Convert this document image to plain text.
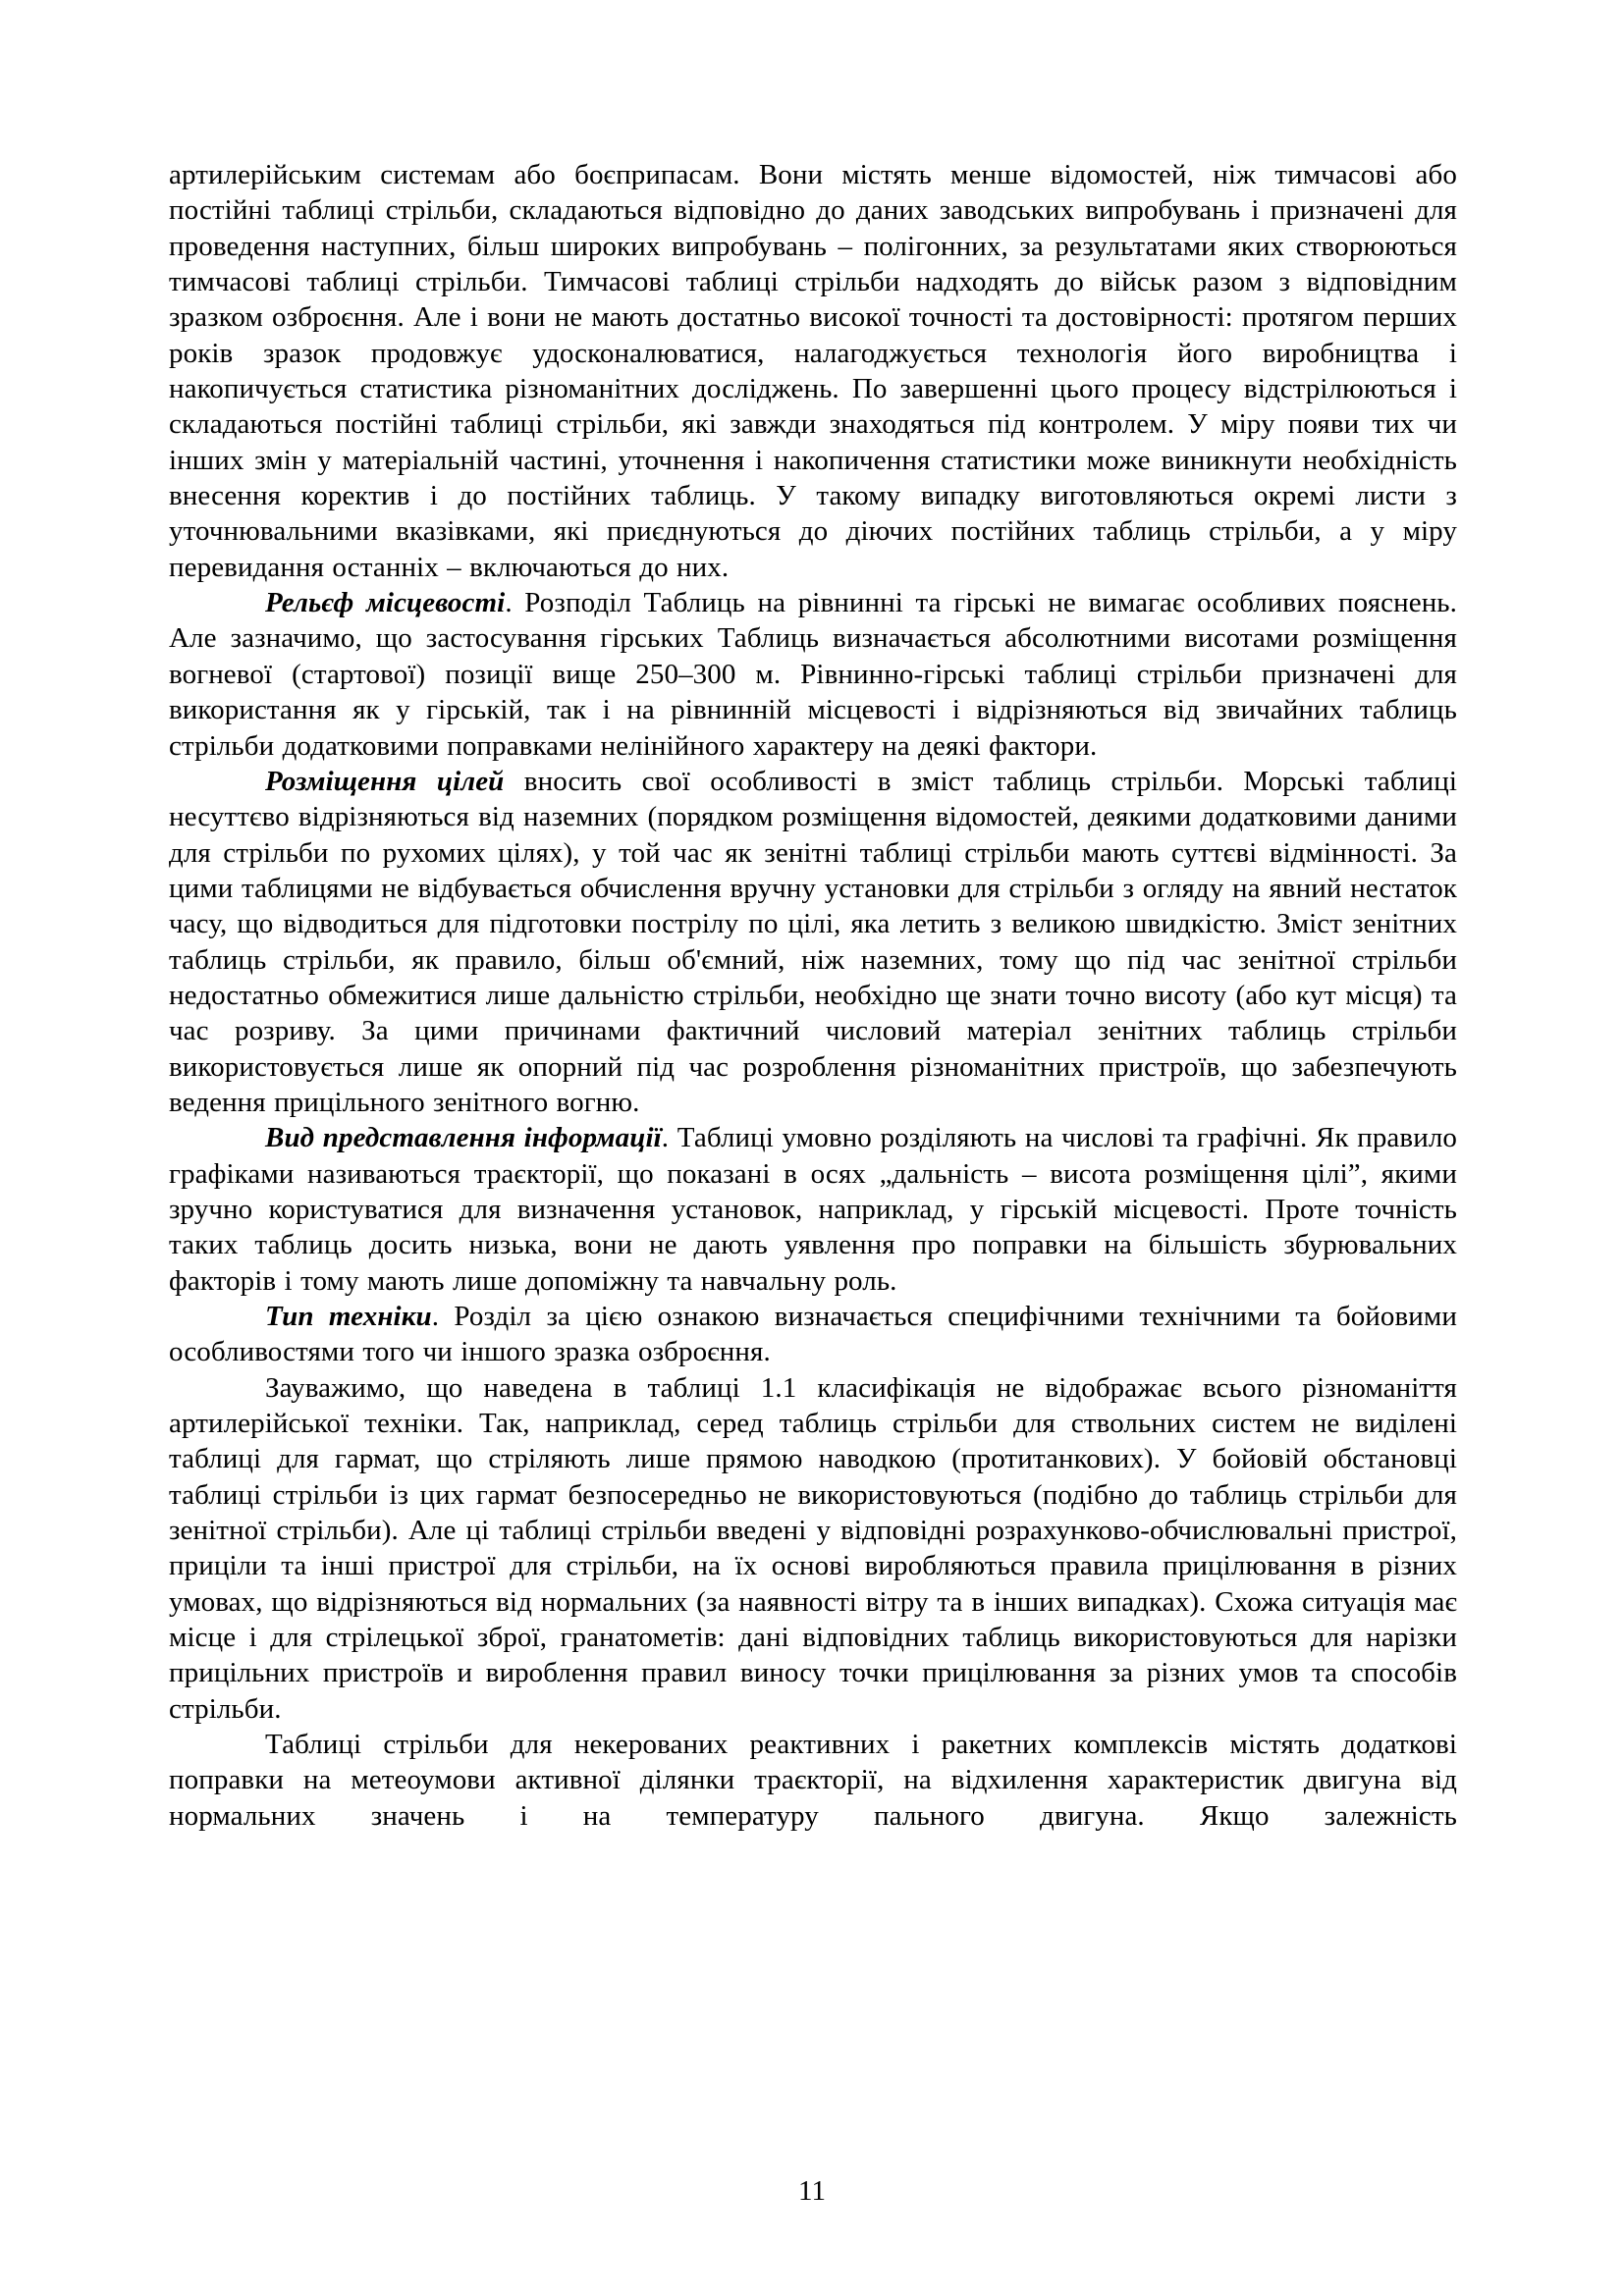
артилерійським системам або боєприпасам. Вони містять менше відомостей, ніж тимчасові або постійні таблиці стрільби, складаються відповідно до даних заводських випробувань і призначені для проведення наступних, більш широких випробувань – полігонних, за результатами яких створюються тимчасові таблиці стрільби. Тимчасові таблиці стрільби надходять до військ разом з відповідним зразком озброєння. Але і вони не мають достатньо високої точності та достовірності: протягом перших років зразок продовжує удосконалюватися, налагоджується технологія його виробництва і накопичується статистика різноманітних досліджень. По завершенні цього процесу відстрілюються і складаються постійні таблиці стрільби, які завжди знаходяться під контролем. У міру появи тих чи інших змін у матеріальній частині, уточнення і накопичення статистики може виникнути необхідність внесення коректив і до постійних таблиць. У такому випадку виготовляються окремі листи з уточнювальними вказівками, які приєднуються до діючих постійних таблиць стрільби, а у міру перевидання останніх – включаються до них.

Рельєф місцевості. Розподіл Таблиць на рівнинні та гірські не вимагає особливих пояснень. Але зазначимо, що застосування гірських Таблиць визначається абсолютними висотами розміщення вогневої (стартової) позиції вище 250–300 м. Рівнинно-гірські таблиці стрільби призначені для використання як у гірській, так і на рівнинній місцевості і відрізняються від звичайних таблиць стрільби додатковими поправками нелінійного характеру на деякі фактори.

Розміщення цілей вносить свої особливості в зміст таблиць стрільби. Морські таблиці несуттєво відрізняються від наземних (порядком розміщення відомостей, деякими додатковими даними для стрільби по рухомих цілях), у той час як зенітні таблиці стрільби мають суттєві відмінності. За цими таблицями не відбувається обчислення вручну установки для стрільби з огляду на явний нестаток часу, що відводиться для підготовки пострілу по цілі, яка летить з великою швидкістю. Зміст зенітних таблиць стрільби, як правило, більш об'ємний, ніж наземних, тому що під час зенітної стрільби недостатньо обмежитися лише дальністю стрільби, необхідно ще знати точно висоту (або кут місця) та час розриву. За цими причинами фактичний числовий матеріал зенітних таблиць стрільби використовується лише як опорний під час розроблення різноманітних пристроїв, що забезпечують ведення прицільного зенітного вогню.

Вид представлення інформації. Таблиці умовно розділяють на числові та графічні. Як правило графіками називаються траєкторії, що показані в осях „дальність – висота розміщення цілі”, якими зручно користуватися для визначення установок, наприклад, у гірській місцевості. Проте точність таких таблиць досить низька, вони не дають уявлення про поправки на більшість збурювальних факторів і тому мають лише допоміжну та навчальну роль.

Тип техніки. Розділ за цією ознакою визначається специфічними технічними та бойовими особливостями того чи іншого зразка озброєння.

Зауважимо, що наведена в таблиці 1.1 класифікація не відображає всього різноманіття артилерійської техніки. Так, наприклад, серед таблиць стрільби для ствольних систем не виділені таблиці для гармат, що стріляють лише прямою наводкою (протитанкових). У бойовій обстановці таблиці стрільби із цих гармат безпосередньо не використовуються (подібно до таблиць стрільби для зенітної стрільби). Але ці таблиці стрільби введені у відповідні розрахунково-обчислювальні пристрої, приціли та інші пристрої для стрільби, на їх основі виробляються правила прицілювання в різних умовах, що відрізняються від нормальних (за наявності вітру та в інших випадках). Схожа ситуація має місце і для стрілецької зброї, гранатометів: дані відповідних таблиць використовуються для нарізки прицільних пристроїв и вироблення правил виносу точки прицілювання за різних умов та способів стрільби.

Таблиці стрільби для некерованих реактивних і ракетних комплексів містять додаткові поправки на метеоумови активної ділянки траєкторії, на відхилення характеристик двигуна від нормальних значень і на температуру пального двигуна. Якщо залежність

11
